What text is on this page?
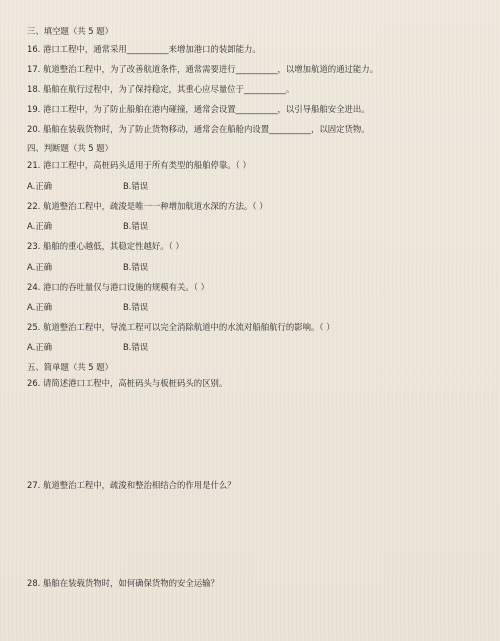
三、填空题（共 5 题）
16. 港口工程中，通常采用__________来增加港口的装卸能力。
17. 航道整治工程中，为了改善航道条件，通常需要进行__________，以增加航道的通过能力。
18. 船舶在航行过程中，为了保持稳定，其重心应尽量位于__________。
19. 港口工程中，为了防止船舶在港内碰撞，通常会设置__________，以引导船舶安全进出。
20. 船舶在装载货物时，为了防止货物移动，通常会在船舱内设置__________，以固定货物。
四、判断题（共 5 题）
21. 港口工程中，高桩码头适用于所有类型的船舶停靠。（ ）
A.正确	B.错误
22. 航道整治工程中，疏浚是唯一一种增加航道水深的方法。（ ）
A.正确	B.错误
23. 船舶的重心越低，其稳定性越好。（ ）
A.正确	B.错误
24. 港口的吞吐量仅与港口设施的规模有关。（ ）
A.正确	B.错误
25. 航道整治工程中，导流工程可以完全消除航道中的水流对船舶航行的影响。（ ）
A.正确	B.错误
五、简单题（共 5 题）
26. 请简述港口工程中，高桩码头与板桩码头的区别。
27. 航道整治工程中，疏浚和整治相结合的作用是什么？
28. 船舶在装载货物时，如何确保货物的安全运输？
